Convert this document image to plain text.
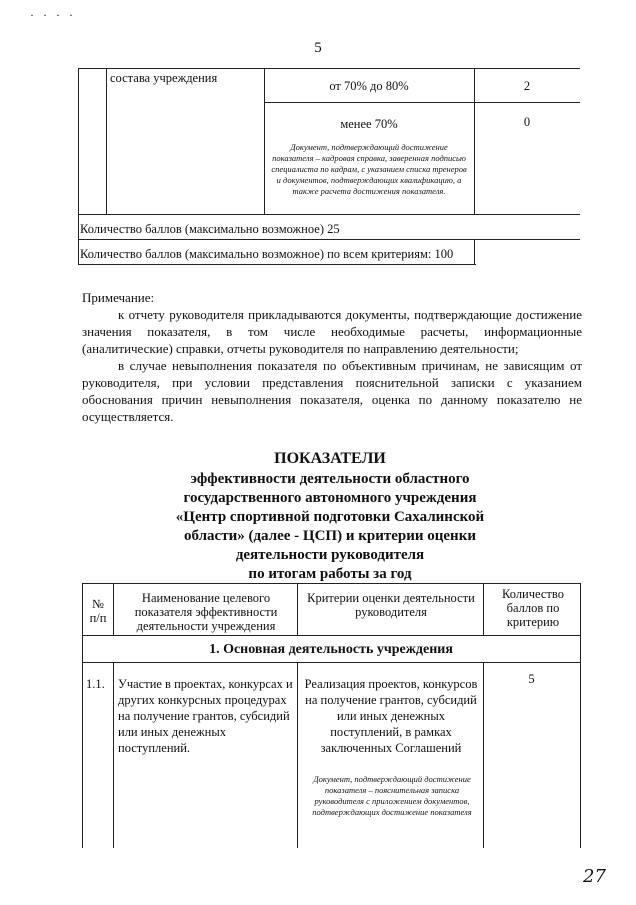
· · · ·
5
состава учреждения
от 70% до 80%	2
менее 70%	0
Документ, подтверждающий достижение показателя – кадровая справка, заверенная подписью специалиста по кадрам, с указанием списка тренеров и документов, подтверждающих квалификацию, а также расчета достижения показателя.
Количество баллов (максимально возможное) 25
Количество баллов (максимально возможное) по всем критериям: 100
Примечание:
к отчету руководителя прикладываются документы, подтверждающие достижение значения показателя, в том числе необходимые расчеты, информационные (аналитические) справки, отчеты руководителя по направлению деятельности;
в случае невыполнения показателя по объективным причинам, не зависящим от руководителя, при условии представления пояснительной записки с указанием обоснования причин невыполнения показателя, оценка по данному показателю не осуществляется.
ПОКАЗАТЕЛИ
эффективности деятельности областного
государственного автономного учреждения
«Центр спортивной подготовки Сахалинской
области» (далее - ЦСП) и критерии оценки
деятельности руководителя
по итогам работы за год
№ п/п
Наименование целевого показателя эффективности деятельности учреждения
Критерии оценки деятельности руководителя
Количество баллов по критерию
1. Основная деятельность учреждения
1.1. Участие в проектах, конкурсах и других конкурсных процедурах на получение грантов, субсидий или иных денежных поступлений.
Реализация проектов, конкурсов на получение грантов, субсидий или иных денежных поступлений, в рамках заключенных Соглашений
Документ, подтверждающий достижение показателя – пояснительная записка руководителя с приложением документов, подтверждающих достижение показателя
5
27
